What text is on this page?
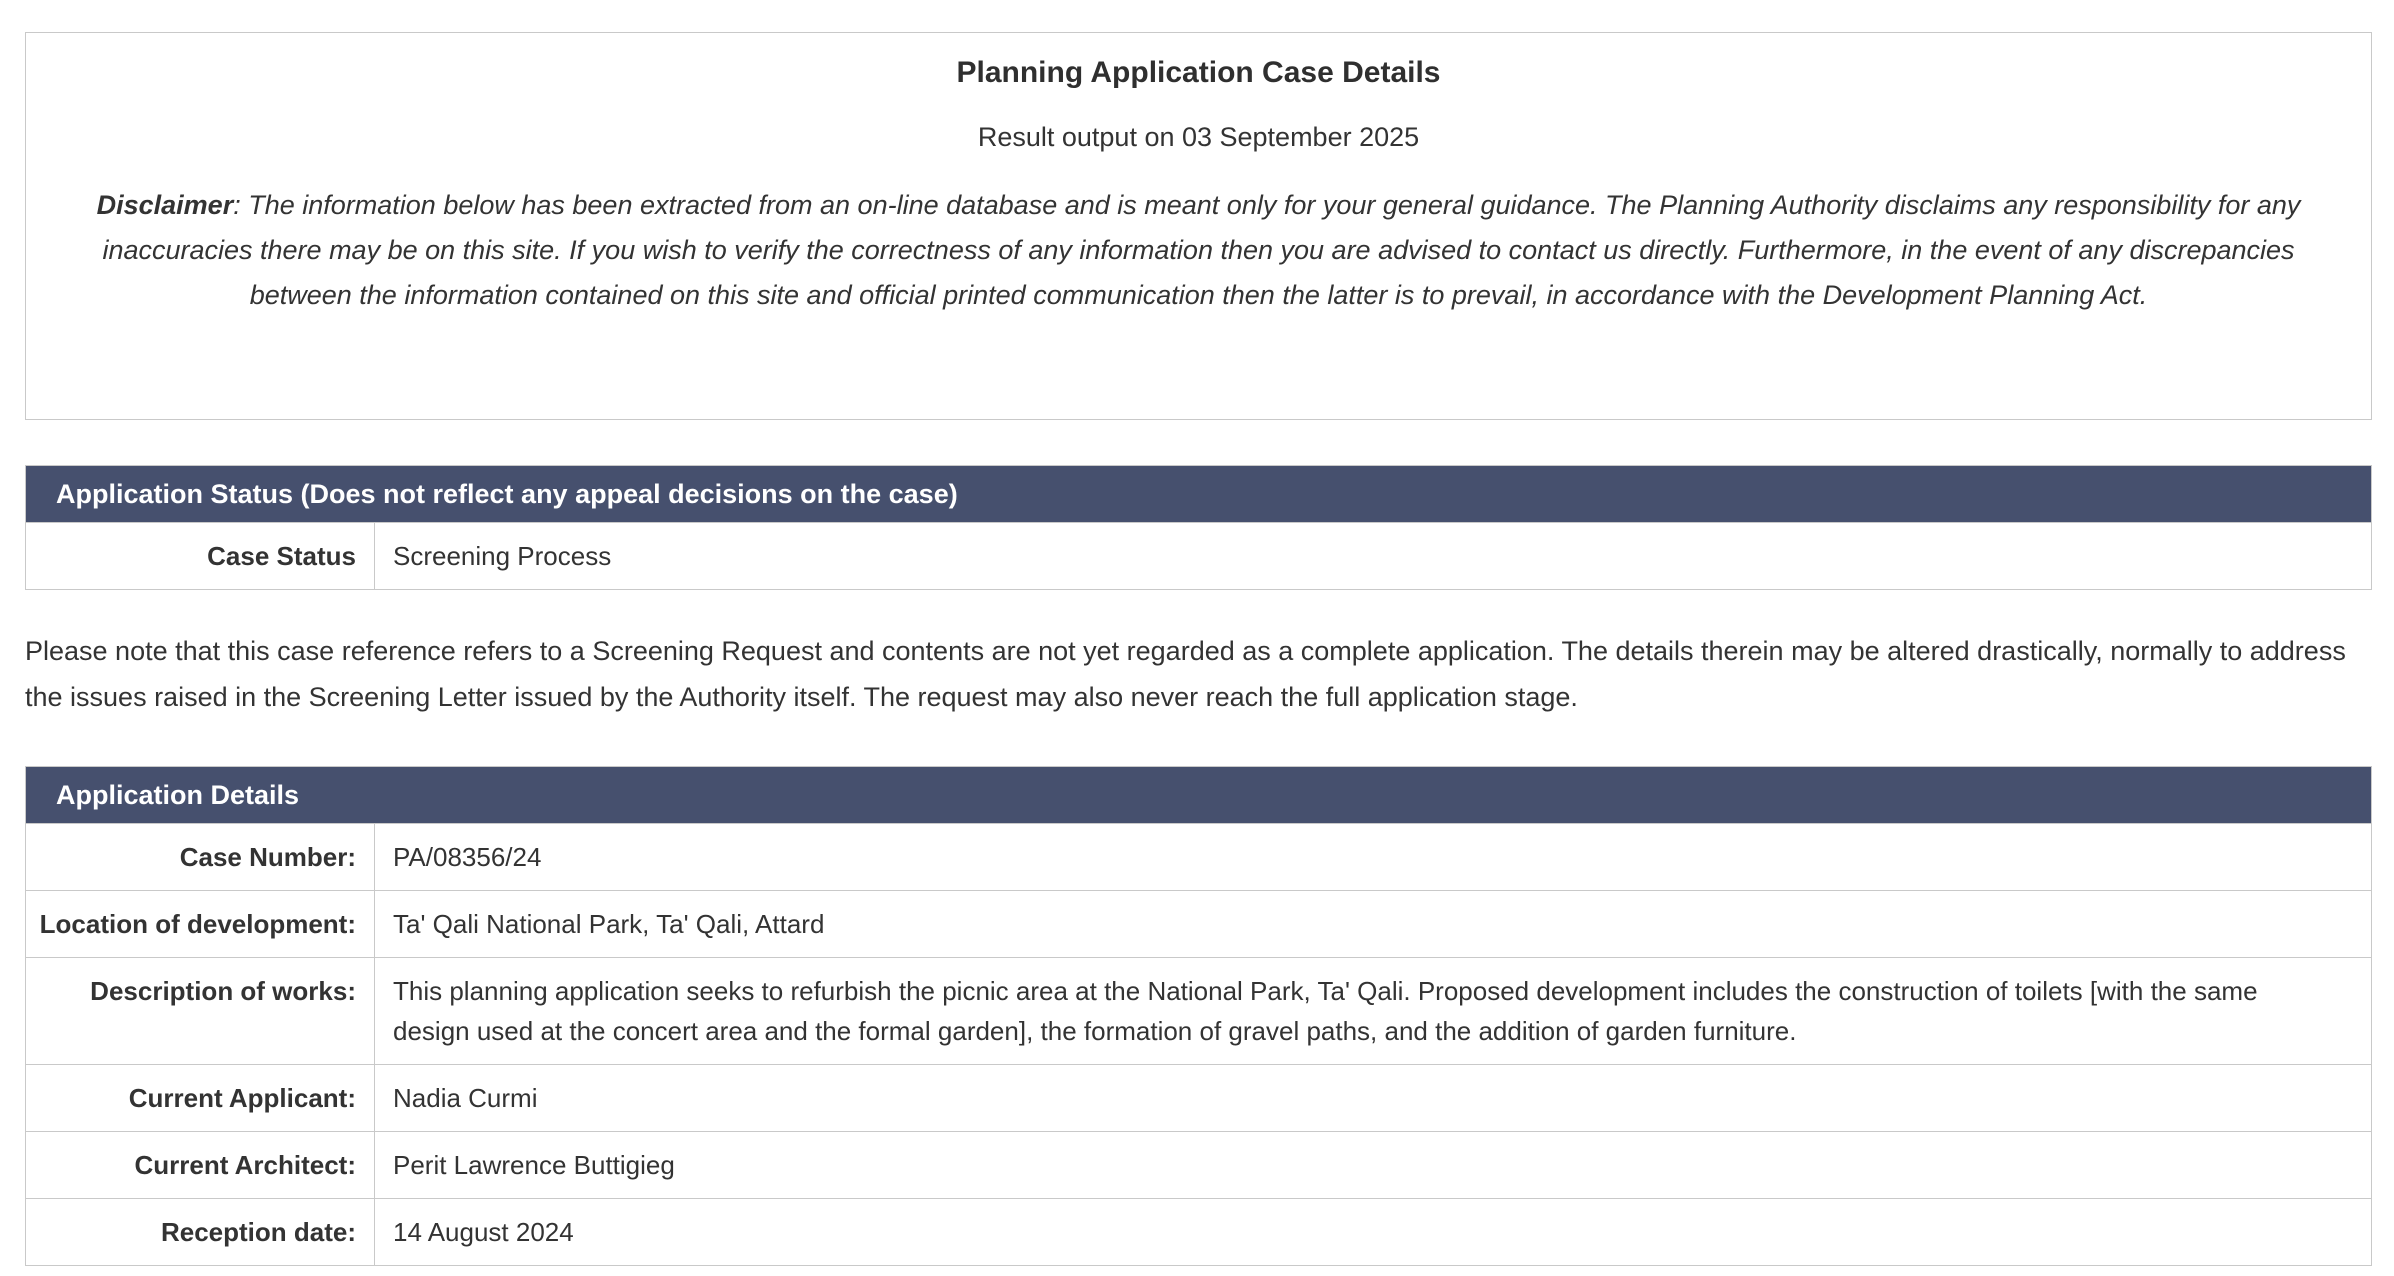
Planning Application Case Details

Result output on 03 September 2025

Disclaimer: The information below has been extracted from an on-line database and is meant only for your general guidance. The Planning Authority disclaims any responsibility for any inaccuracies there may be on this site. If you wish to verify the correctness of any information then you are advised to contact us directly. Furthermore, in the event of any discrepancies between the information contained on this site and official printed communication then the latter is to prevail, in accordance with the Development Planning Act.

Application Status (Does not reflect any appeal decisions on the case)
Case Status	Screening Process

Please note that this case reference refers to a Screening Request and contents are not yet regarded as a complete application. The details therein may be altered drastically, normally to address the issues raised in the Screening Letter issued by the Authority itself. The request may also never reach the full application stage.

Application Details
Case Number:	PA/08356/24
Location of development:	Ta' Qali National Park, Ta' Qali, Attard
Description of works:	This planning application seeks to refurbish the picnic area at the National Park, Ta' Qali. Proposed development includes the construction of toilets [with the same design used at the concert area and the formal garden], the formation of gravel paths, and the addition of garden furniture.
Current Applicant:	Nadia Curmi
Current Architect:	Perit Lawrence Buttigieg
Reception date:	14 August 2024
